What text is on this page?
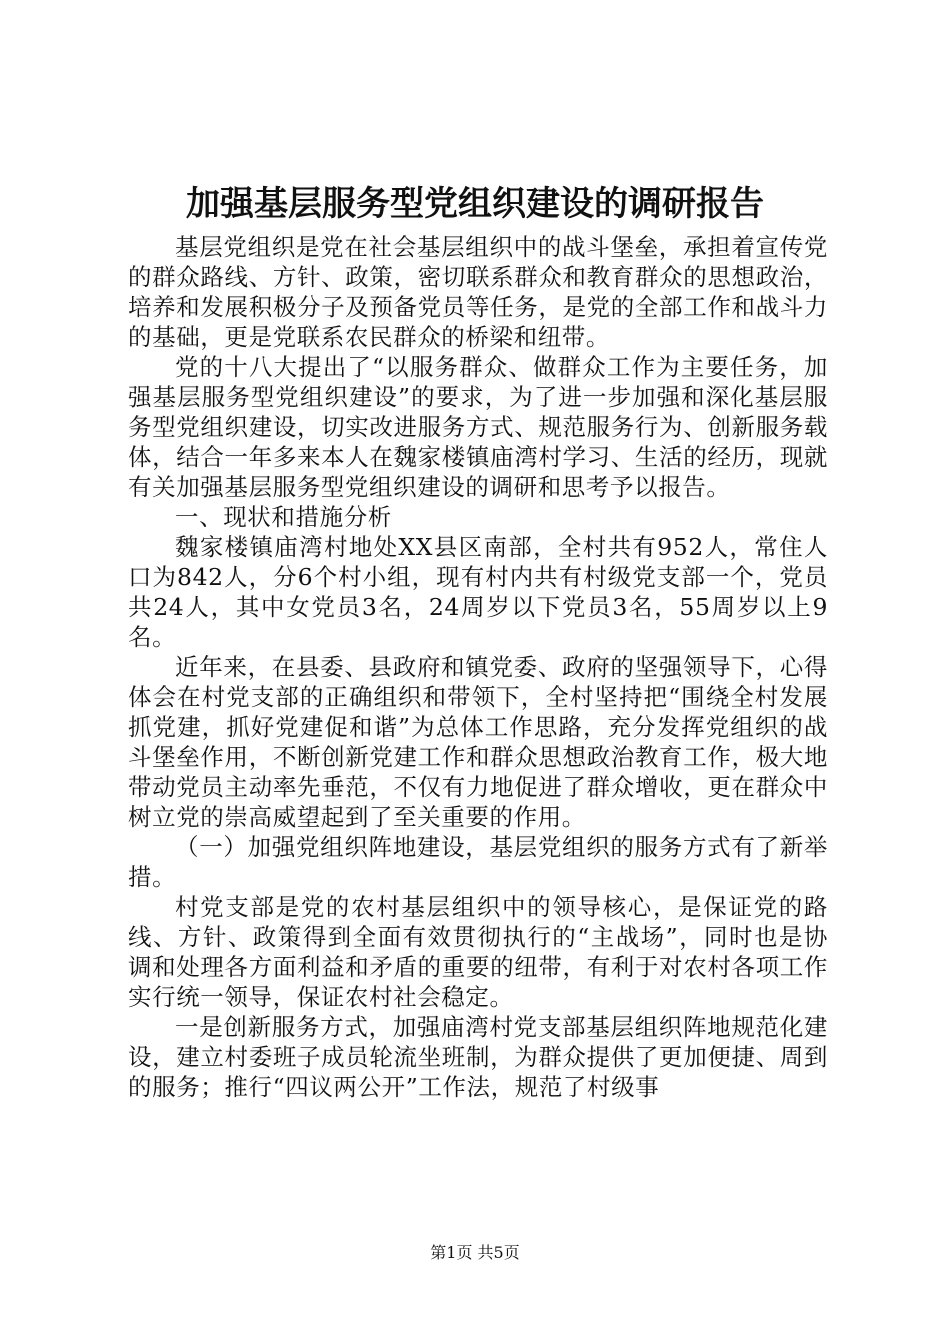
加强基层服务型党组织建设的调研报告

基层党组织是党在社会基层组织中的战斗堡垒，承担着宣传党的群众路线、方针、政策，密切联系群众和教育群众的思想政治，培养和发展积极分子及预备党员等任务，是党的全部工作和战斗力的基础，更是党联系农民群众的桥梁和纽带。

党的十八大提出了“以服务群众、做群众工作为主要任务，加强基层服务型党组织建设”的要求，为了进一步加强和深化基层服务型党组织建设，切实改进服务方式、规范服务行为、创新服务载体，结合一年多来本人在魏家楼镇庙湾村学习、生活的经历，现就有关加强基层服务型党组织建设的调研和思考予以报告。

一、现状和措施分析

魏家楼镇庙湾村地处XX县区南部，全村共有952人，常住人口为842人，分6个村小组，现有村内共有村级党支部一个，党员共24人，其中女党员3名，24周岁以下党员3名，55周岁以上9名。

近年来，在县委、县政府和镇党委、政府的坚强领导下，心得体会在村党支部的正确组织和带领下，全村坚持把“围绕全村发展抓党建，抓好党建促和谐”为总体工作思路，充分发挥党组织的战斗堡垒作用，不断创新党建工作和群众思想政治教育工作，极大地带动党员主动率先垂范，不仅有力地促进了群众增收，更在群众中树立党的崇高威望起到了至关重要的作用。

（一）加强党组织阵地建设，基层党组织的服务方式有了新举措。

村党支部是党的农村基层组织中的领导核心，是保证党的路线、方针、政策得到全面有效贯彻执行的“主战场”，同时也是协调和处理各方面利益和矛盾的重要的纽带，有利于对农村各项工作实行统一领导，保证农村社会稳定。

一是创新服务方式，加强庙湾村党支部基层组织阵地规范化建设，建立村委班子成员轮流坐班制，为群众提供了更加便捷、周到的服务；推行“四议两公开”工作法，规范了村级事

第1页 共5页
